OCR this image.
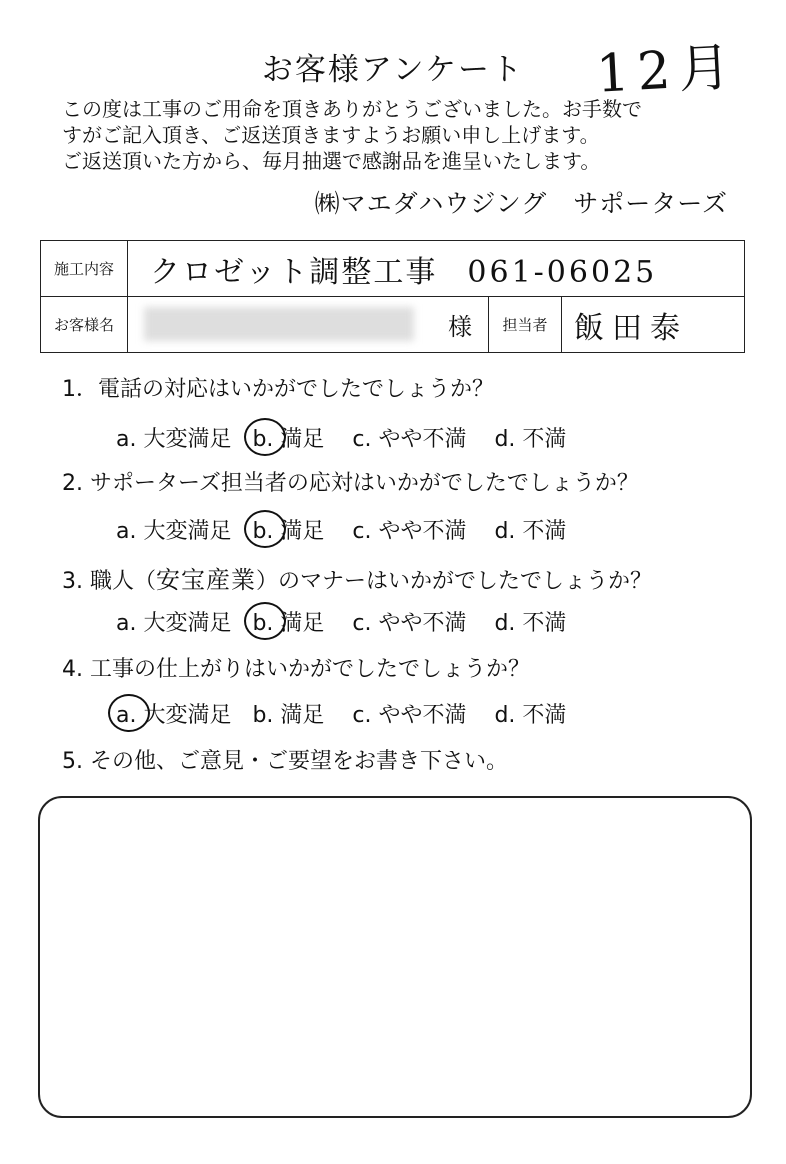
お客様アンケート	12月
この度は工事のご用命を頂きありがとうございました。お手数で
すがご記入頂き、ご返送頂きますようお願い申し上げます。
ご返送頂いた方から、毎月抽選で感謝品を進呈いたします。
㈱マエダハウジング　サポーターズ
施工内容	クロゼット調整工事 061-06025		
お客様名	様	担当者	飯田泰
1．電話の対応はいかがでしたでしょうか？
a. 大変満足 b. 満足 c. やや不満 d. 不満
2. サポーターズ担当者の応対はいかがでしたでしょうか？
a. 大変満足 b. 満足 c. やや不満 d. 不満
3. 職人（安宝産業）のマナーはいかがでしたでしょうか？
a. 大変満足 b. 満足 c. やや不満 d. 不満
4. 工事の仕上がりはいかがでしたでしょうか？
a. 大変満足 b. 満足 c. やや不満 d. 不満
5. その他、ご意見・ご要望をお書き下さい。
